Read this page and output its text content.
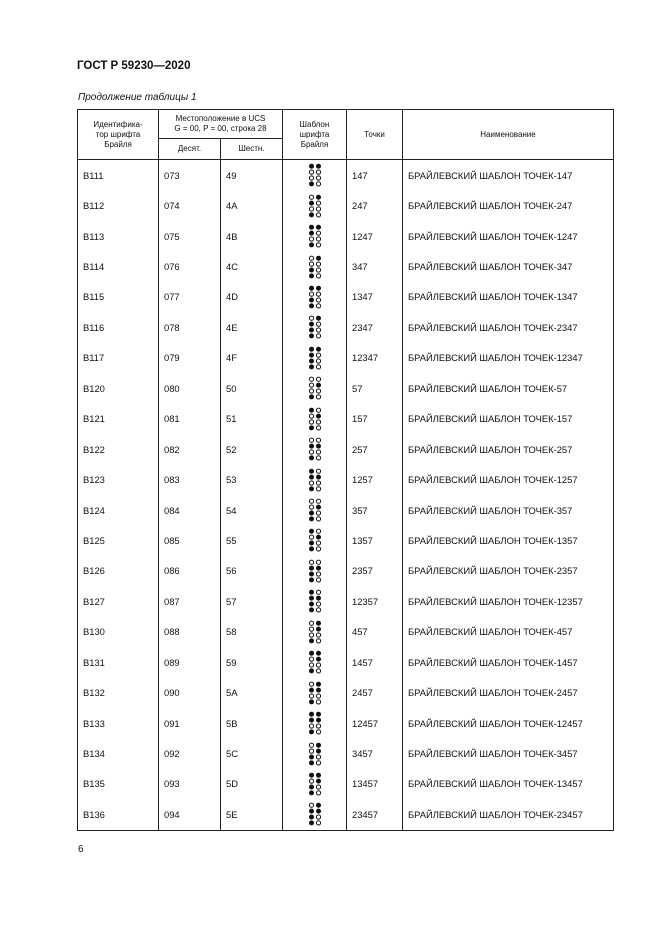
ГОСТ Р 59230—2020
Продолжение таблицы 1
Идентифика-
тор шрифта
Брайля	Местоположение в UCS
G = 00, P = 00, строка 28		Шаблон
шрифта
Брайля	Точки	Наименование
	Десят.	Шестн.			
B111	073	49		147	БРАЙЛЕВСКИЙ ШАБЛОН ТОЧЕК-147
B112	074	4A		247	БРАЙЛЕВСКИЙ ШАБЛОН ТОЧЕК-247
B113	075	4B		1247	БРАЙЛЕВСКИЙ ШАБЛОН ТОЧЕК-1247
B114	076	4C		347	БРАЙЛЕВСКИЙ ШАБЛОН ТОЧЕК-347
B115	077	4D		1347	БРАЙЛЕВСКИЙ ШАБЛОН ТОЧЕК-1347
B116	078	4E		2347	БРАЙЛЕВСКИЙ ШАБЛОН ТОЧЕК-2347
B117	079	4F		12347	БРАЙЛЕВСКИЙ ШАБЛОН ТОЧЕК-12347
B120	080	50		57	БРАЙЛЕВСКИЙ ШАБЛОН ТОЧЕК-57
B121	081	51		157	БРАЙЛЕВСКИЙ ШАБЛОН ТОЧЕК-157
B122	082	52		257	БРАЙЛЕВСКИЙ ШАБЛОН ТОЧЕК-257
B123	083	53		1257	БРАЙЛЕВСКИЙ ШАБЛОН ТОЧЕК-1257
B124	084	54		357	БРАЙЛЕВСКИЙ ШАБЛОН ТОЧЕК-357
B125	085	55		1357	БРАЙЛЕВСКИЙ ШАБЛОН ТОЧЕК-1357
B126	086	56		2357	БРАЙЛЕВСКИЙ ШАБЛОН ТОЧЕК-2357
B127	087	57		12357	БРАЙЛЕВСКИЙ ШАБЛОН ТОЧЕК-12357
B130	088	58		457	БРАЙЛЕВСКИЙ ШАБЛОН ТОЧЕК-457
B131	089	59		1457	БРАЙЛЕВСКИЙ ШАБЛОН ТОЧЕК-1457
B132	090	5A		2457	БРАЙЛЕВСКИЙ ШАБЛОН ТОЧЕК-2457
B133	091	5B		12457	БРАЙЛЕВСКИЙ ШАБЛОН ТОЧЕК-12457
B134	092	5C		3457	БРАЙЛЕВСКИЙ ШАБЛОН ТОЧЕК-3457
B135	093	5D		13457	БРАЙЛЕВСКИЙ ШАБЛОН ТОЧЕК-13457
B136	094	5E		23457	БРАЙЛЕВСКИЙ ШАБЛОН ТОЧЕК-23457
6
